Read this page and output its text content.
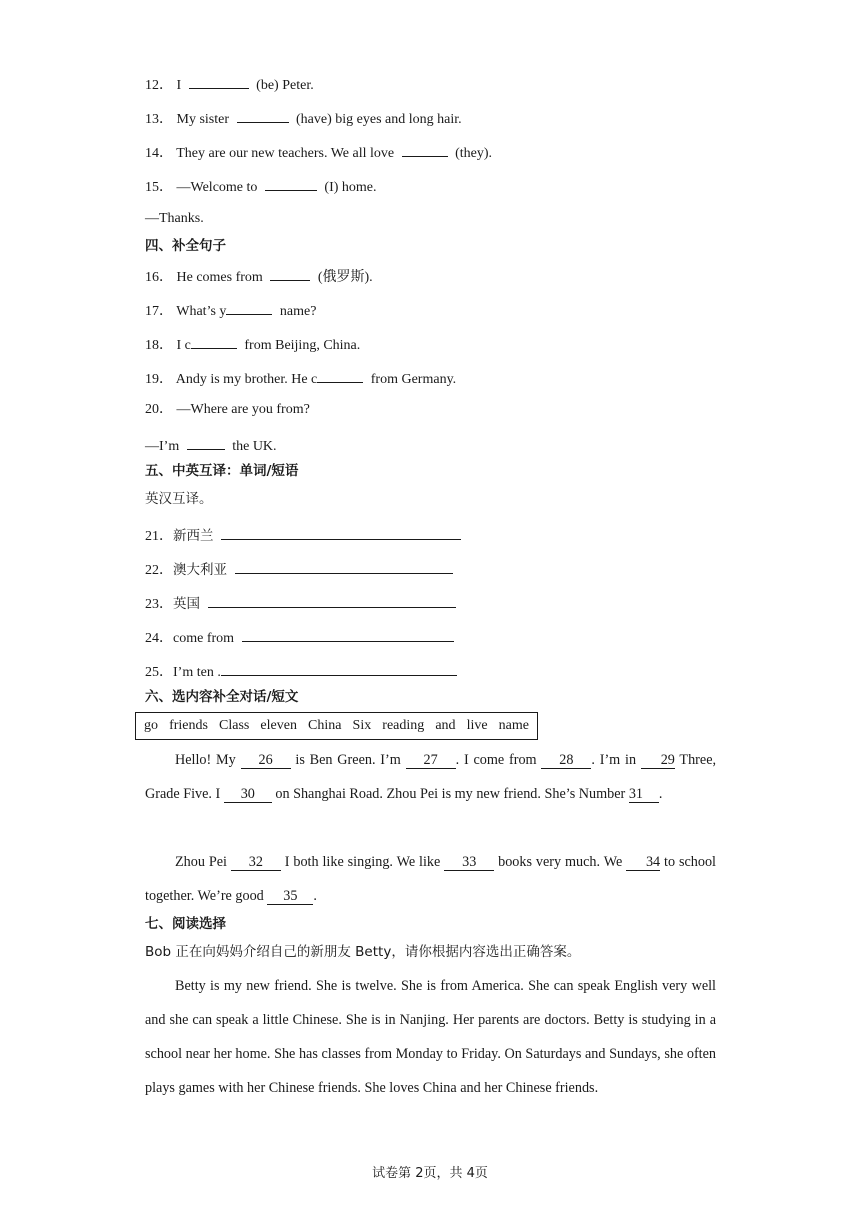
12． I	(be) Peter.
13． My sister	(have) big eyes and long hair.
14． They are our new teachers. We all love	(they).
15． —Welcome to	(I) home.
—Thanks.
四、补全句子
16． He comes from	(俄罗斯).
17． What’s y	name?
18． I c	from Beijing, China.
19． Andy is my brother. He c	from Germany.
20． —Where are you from?
—I’m	the UK.
五、中英互译：单词/短语
英汉互译。
21．新西兰
22．澳大利亚
23．英国
24．come from
25．I’m ten .
六、选内容补全对话/短文
go friends Class eleven China Six reading and live name
Hello! My 26 is Ben Green. I’m 27 . I come from 28 . I’m in 29 Three, Grade Five. I 30 on Shanghai Road. Zhou Pei is my new friend. She’s Number 31 .
Zhou Pei 32 I both like singing. We like 33 books very much. We 34 to school together. We’re good 35 .
七、阅读选择
Bob 正在向妈妈介绍自己的新朋友 Betty，请你根据内容选出正确答案。
Betty is my new friend. She is twelve. She is from America. She can speak English very well and she can speak a little Chinese. She is in Nanjing. Her parents are doctors. Betty is studying in a school near her home. She has classes from Monday to Friday. On Saturdays and Sundays, she often plays games with her Chinese friends. She loves China and her Chinese friends.
试卷第 2页，共 4页
